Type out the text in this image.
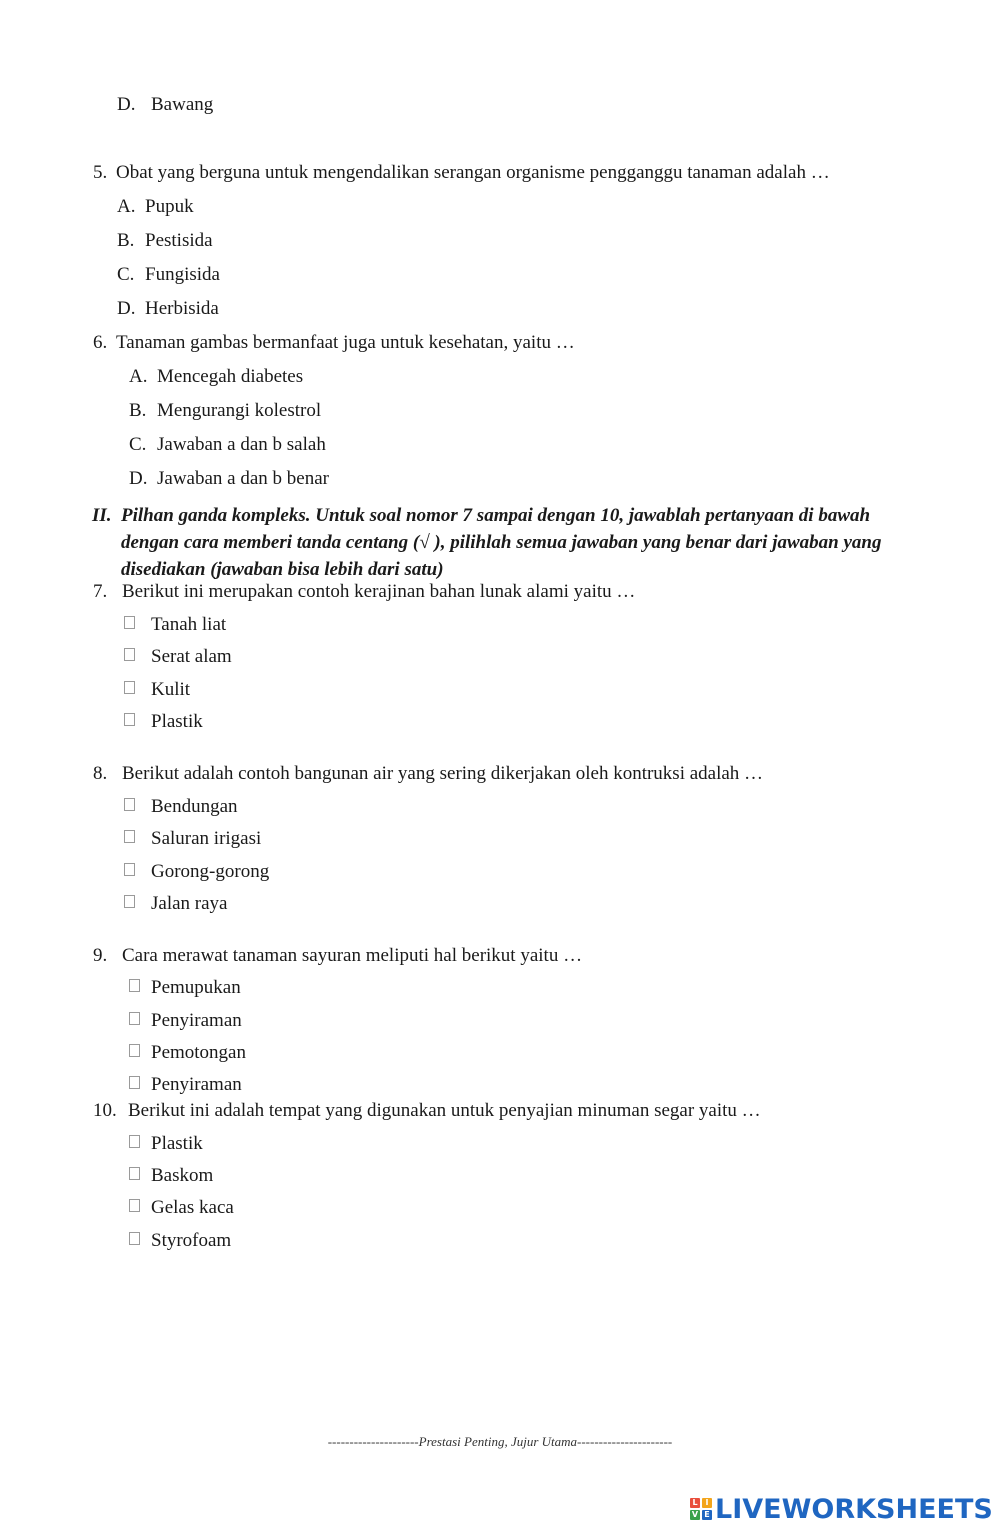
D. Bawang
5. Obat yang berguna untuk mengendalikan serangan organisme pengganggu tanaman adalah …
A. Pupuk
B. Pestisida
C. Fungisida
D. Herbisida
6. Tanaman gambas bermanfaat juga untuk kesehatan, yaitu …
A. Mencegah diabetes
B. Mengurangi kolestrol
C. Jawaban a dan b salah
D. Jawaban a dan b benar
II. Pilhan ganda kompleks. Untuk soal nomor 7 sampai dengan 10, jawablah pertanyaan di bawah dengan cara memberi tanda centang (√ ), pilihlah semua jawaban yang benar dari jawaban yang disediakan (jawaban bisa lebih dari satu)
7. Berikut ini merupakan contoh kerajinan bahan lunak alami yaitu …
Tanah liat
Serat alam
Kulit
Plastik
8. Berikut adalah contoh bangunan air yang sering dikerjakan oleh kontruksi adalah …
Bendungan
Saluran irigasi
Gorong-gorong
Jalan raya
9. Cara merawat tanaman sayuran meliputi hal berikut yaitu …
Pemupukan
Penyiraman
Pemotongan
Penyiraman
10. Berikut ini adalah tempat yang digunakan untuk penyajian minuman segar yaitu …
Plastik
Baskom
Gelas kaca
Styrofoam
---------------------Prestasi Penting, Jujur Utama----------------------
L I
V E LIVEWORKSHEETS
